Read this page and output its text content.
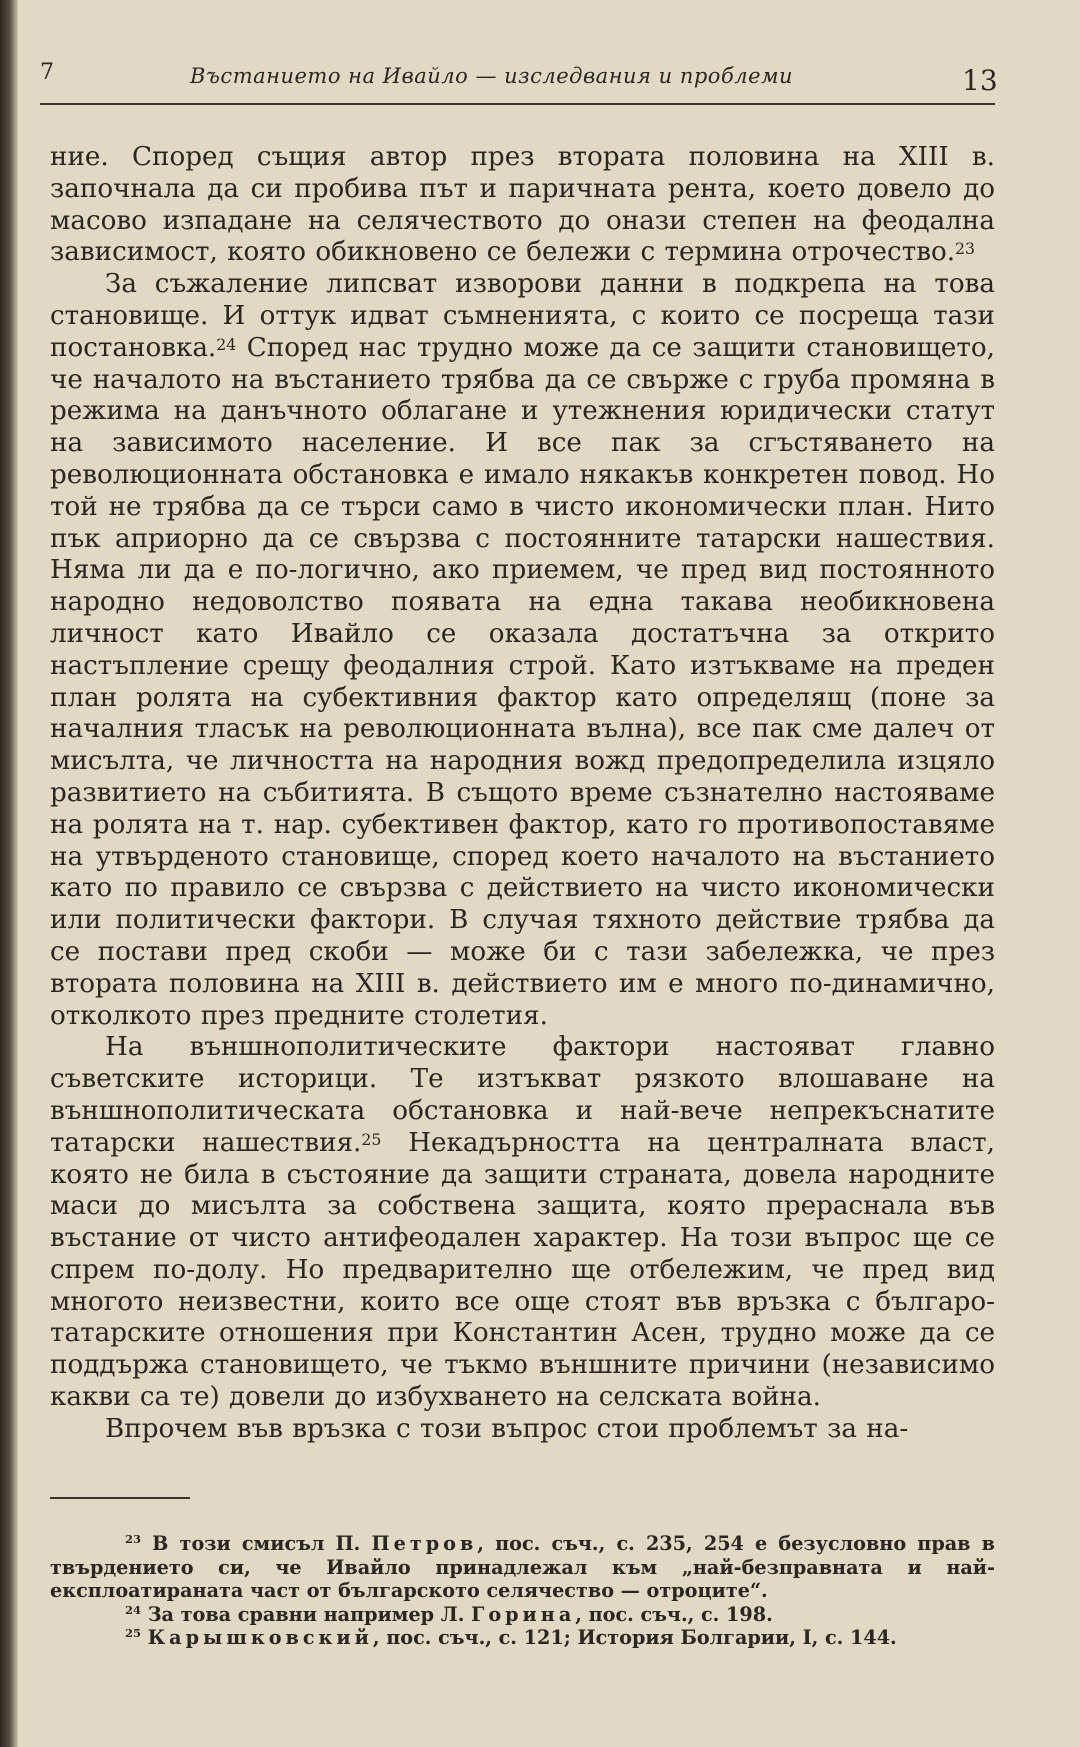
7	Въстанието на Ивайло — изследвания и проблеми	13

ние. Според същия автор през втората половина на XIII в. започнала да си пробива път и паричната рента, което довело до масово изпадане на селячеството до онази степен на феодална зависимост, която обикновено се бележи с термина отрочество.$^{23}$

За съжаление липсват изворови данни в подкрепа на това становище. И оттук идват съмненията, с които се посреща тази постановка.$^{24}$ Според нас трудно може да се защити становището, че началото на въстанието трябва да се свърже с груба промяна в режима на данъчното облагане и утежнения юридически статут на зависимото население. И все пак за сгъстяването на революционната обстановка е имало някакъв конкретен повод. Но той не трябва да се търси само в чисто икономически план. Нито пък априорно да се свързва с постоянните татарски нашествия. Няма ли да е по-логично, ако приемем, че пред вид постоянното народно недоволство появата на една такава необикновена личност като Ивайло се оказала достатъчна за открито настъпление срещу феодалния строй. Като изтъкваме на преден план ролята на субективния фактор като определящ (поне за началния тласък на революционната вълна), все пак сме далеч от мисълта, че личността на народния вожд предопределила изцяло развитието на събитията. В същото време съзнателно настояваме на ролята на т. нар. субективен фактор, като го противопоставяме на утвърденото становище, според което началото на въстанието като по правило се свързва с действието на чисто икономически или политически фактори. В случая тяхното действие трябва да се постави пред скоби — може би с тази забележка, че през втората половина на XIII в. действието им е много по-динамично, отколкото през предните столетия.

На външнополитическите фактори настояват главно съветските историци. Те изтъкват рязкото влошаване на външнополитическата обстановка и най-вече непрекъснатите татарски нашествия.$^{25}$ Некадърността на централната власт, която не била в състояние да защити страната, довела народните маси до мисълта за собствена защита, която прераснала във въстание от чисто антифеодален характер. На този въпрос ще се спрем по-долу. Но предварително ще отбележим, че пред вид многото неизвестни, които все още стоят във връзка с българо-татарските отношения при Константин Асен, трудно може да се поддържа становището, че тъкмо външните причини (независимо какви са те) довели до избухването на селската война.

Впрочем във връзка с този въпрос стои проблемът за на-

$^{23}$ В този смисъл П. Петров, пос. съч., с. 235, 254 е безусловно прав в твърдението си, че Ивайло принадлежал към „най-безправната и най-експлоатираната част от българското селячество — отроците“.

$^{24}$ За това сравни например Л. Горина, пос. съч., с. 198.

$^{25}$ Карышковский, пос. съч., с. 121; История Болгарии, I, с. 144.
